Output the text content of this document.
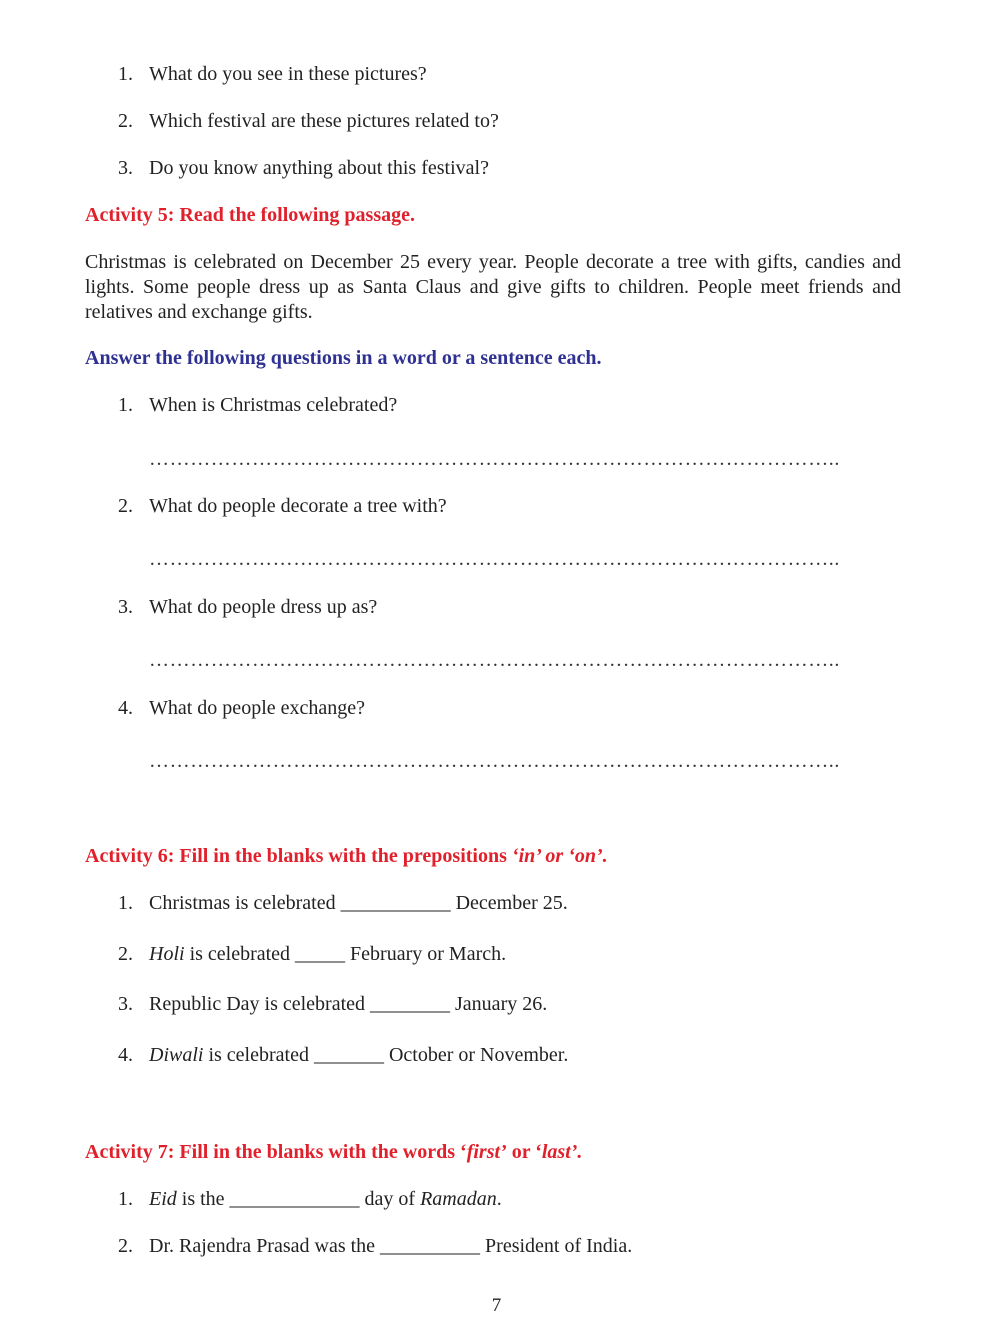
1. What do you see in these pictures?
2. Which festival are these pictures related to?
3. Do you know anything about this festival?
Activity 5: Read the following passage.
Christmas is celebrated on December 25 every year. People decorate a tree with gifts, candies and lights. Some people dress up as Santa Claus and give gifts to children. People meet friends and relatives and exchange gifts.
Answer the following questions in a word or a sentence each.
1. When is Christmas celebrated?
………………………………………………………………………………………..
2. What do people decorate a tree with?
………………………………………………………………………………………..
3. What do people dress up as?
………………………………………………………………………………………..
4. What do people exchange?
………………………………………………………………………………………..
Activity 6: Fill in the blanks with the prepositions ‘in’ or ‘on’.
1. Christmas is celebrated ___________ December 25.
2. Holi is celebrated _____ February or March.
3. Republic Day is celebrated ________ January 26.
4. Diwali is celebrated _______ October or November.
Activity 7: Fill in the blanks with the words ‘first’ or ‘last’.
1. Eid is the _____________ day of Ramadan.
2. Dr. Rajendra Prasad was the __________ President of India.
7
